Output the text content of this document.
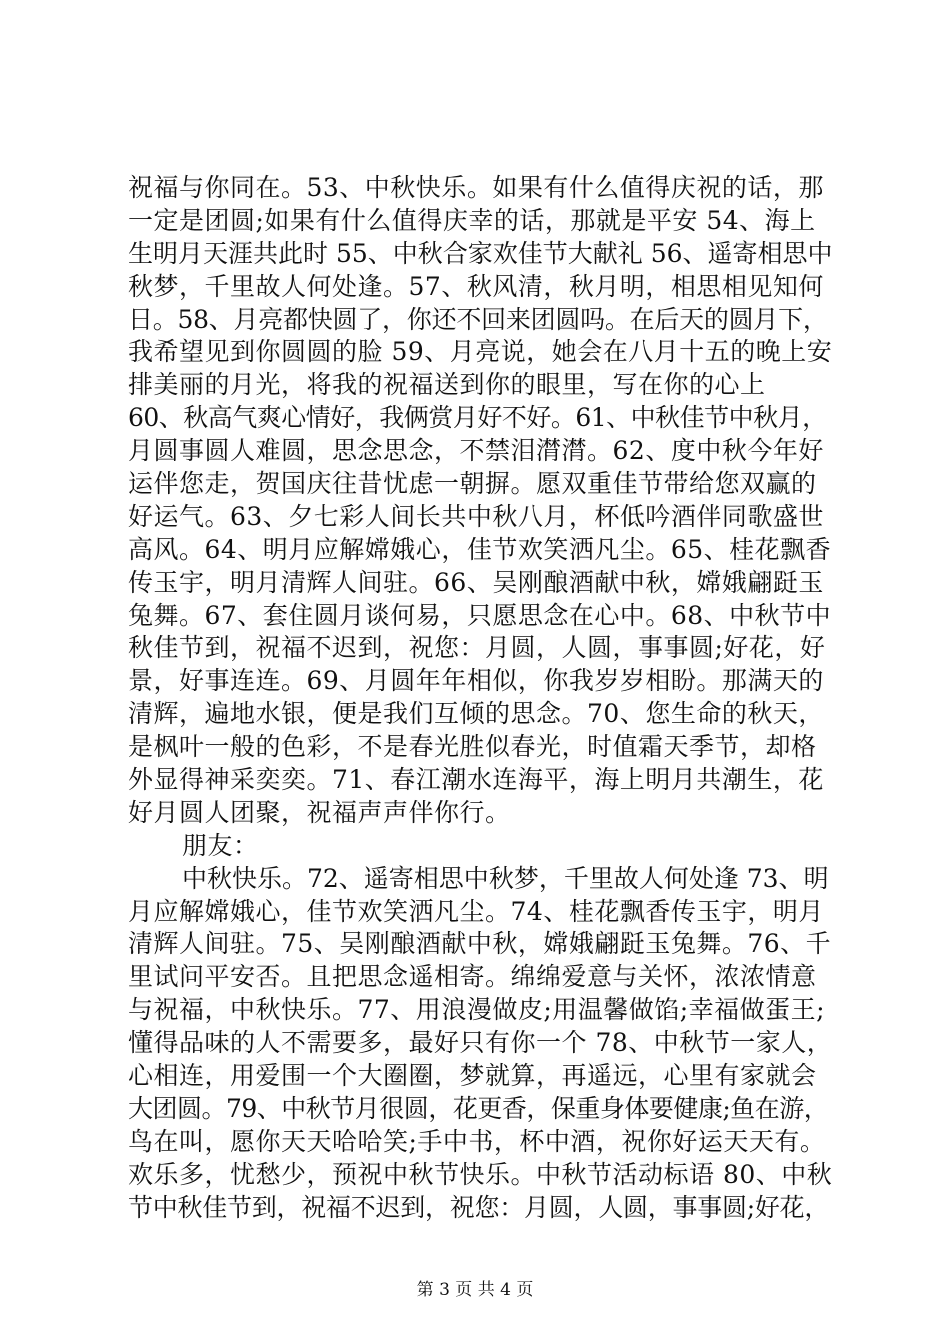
祝福与你同在。53、中秋快乐。如果有什么值得庆祝的话，那
一定是团圆;如果有什么值得庆幸的话，那就是平安 54、海上
生明月天涯共此时 55、中秋合家欢佳节大献礼 56、遥寄相思中
秋梦，千里故人何处逢。57、秋风清，秋月明，相思相见知何
日。58、月亮都快圆了，你还不回来团圆吗。在后天的圆月下，
我希望见到你圆圆的脸 59、月亮说，她会在八月十五的晚上安
排美丽的月光，将我的祝福送到你的眼里，写在你的心上
60、秋高气爽心情好，我俩赏月好不好。61、中秋佳节中秋月，
月圆事圆人难圆，思念思念，不禁泪潸潸。62、度中秋今年好
运伴您走，贺国庆往昔忧虑一朝摒。愿双重佳节带给您双赢的
好运气。63、夕七彩人间长共中秋八月，杯低吟酒伴同歌盛世
高风。64、明月应解嫦娥心，佳节欢笑洒凡尘。65、桂花飘香
传玉宇，明月清辉人间驻。66、吴刚酿酒献中秋，嫦娥翩跹玉
兔舞。67、套住圆月谈何易，只愿思念在心中。68、中秋节中
秋佳节到，祝福不迟到，祝您：月圆，人圆，事事圆;好花，好
景，好事连连。69、月圆年年相似，你我岁岁相盼。那满天的
清辉，遍地水银，便是我们互倾的思念。70、您生命的秋天，
是枫叶一般的色彩，不是春光胜似春光，时值霜天季节，却格
外显得神采奕奕。71、春江潮水连海平，海上明月共潮生，花
好月圆人团聚，祝福声声伴你行。
朋友：
中秋快乐。72、遥寄相思中秋梦，千里故人何处逢 73、明
月应解嫦娥心，佳节欢笑洒凡尘。74、桂花飘香传玉宇，明月
清辉人间驻。75、吴刚酿酒献中秋，嫦娥翩跹玉兔舞。76、千
里试问平安否。且把思念遥相寄。绵绵爱意与关怀，浓浓情意
与祝福，中秋快乐。77、用浪漫做皮;用温馨做馅;幸福做蛋王;
懂得品味的人不需要多，最好只有你一个 78、中秋节一家人，
心相连，用爱围一个大圈圈，梦就算，再遥远，心里有家就会
大团圆。79、中秋节月很圆，花更香，保重身体要健康;鱼在游，
鸟在叫，愿你天天哈哈笑;手中书，杯中酒，祝你好运天天有。
欢乐多，忧愁少，预祝中秋节快乐。中秋节活动标语 80、中秋
节中秋佳节到，祝福不迟到，祝您：月圆，人圆，事事圆;好花，
第 3 页 共 4 页
